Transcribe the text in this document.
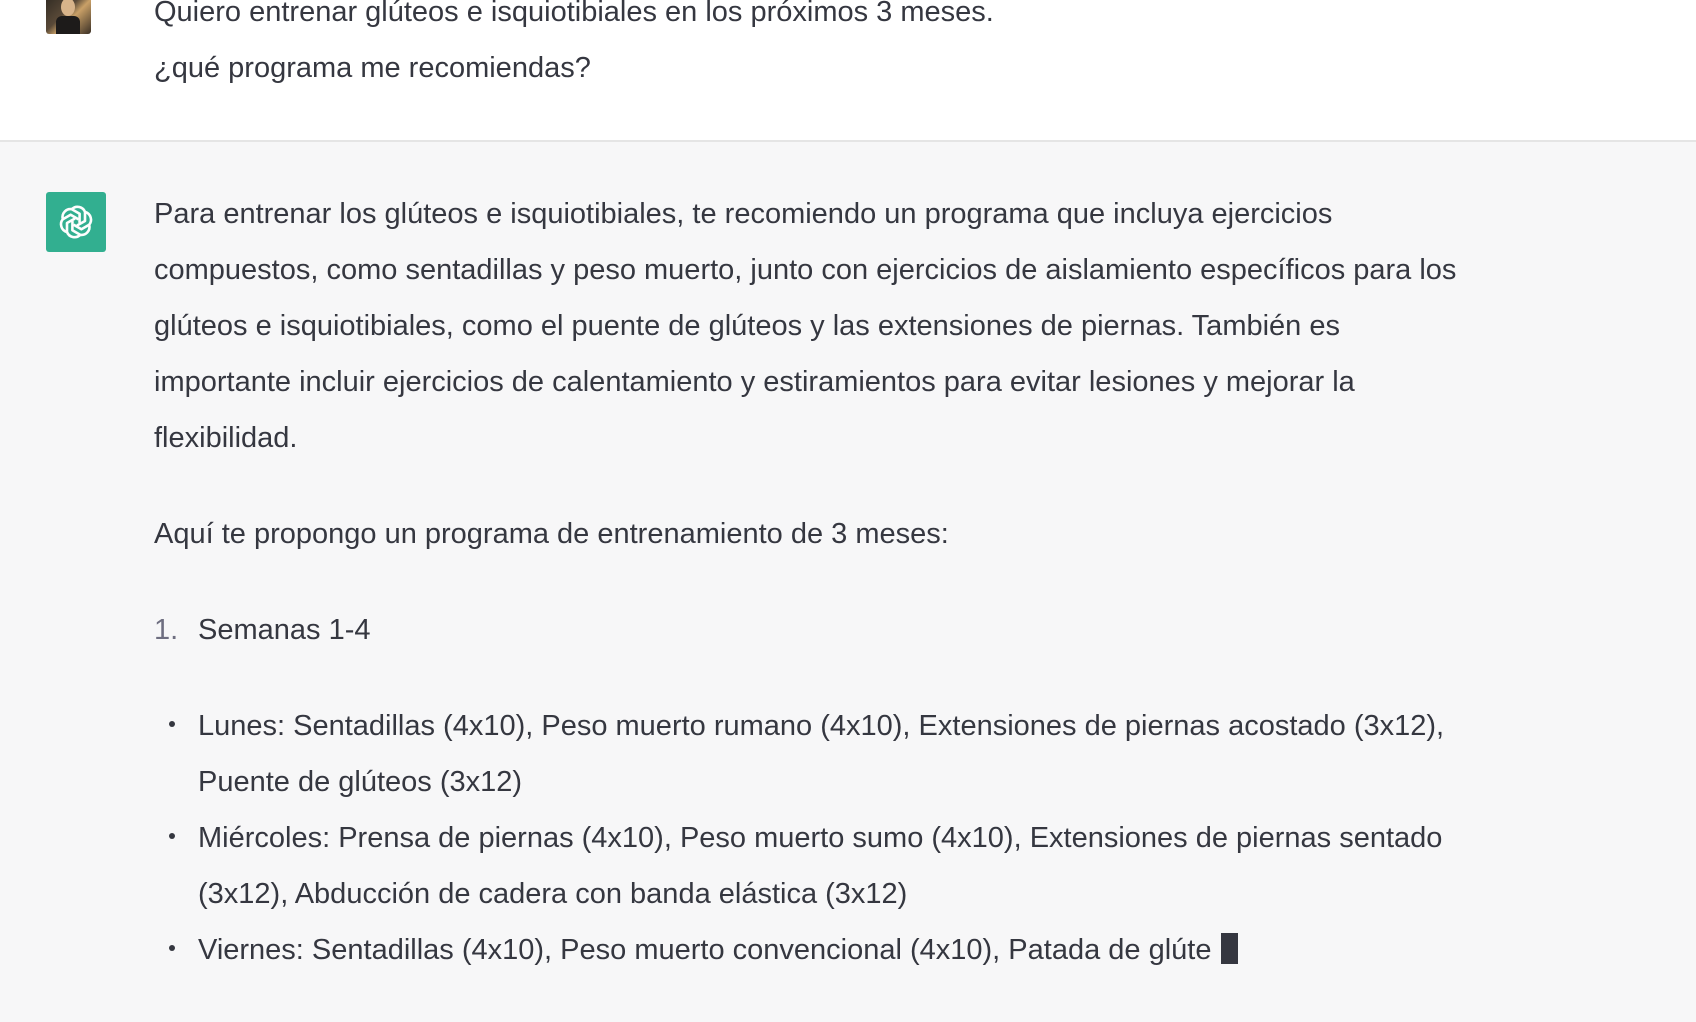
Quiero entrenar glúteos e isquiotibiales en los próximos 3 meses.
¿qué programa me recomiendas?
Para entrenar los glúteos e isquiotibiales, te recomiendo un programa que incluya ejercicios compuestos, como sentadillas y peso muerto, junto con ejercicios de aislamiento específicos para los glúteos e isquiotibiales, como el puente de glúteos y las extensiones de piernas. También es importante incluir ejercicios de calentamiento y estiramientos para evitar lesiones y mejorar la flexibilidad.
Aquí te propongo un programa de entrenamiento de 3 meses:
1. Semanas 1-4
Lunes: Sentadillas (4x10), Peso muerto rumano (4x10), Extensiones de piernas acostado (3x12), Puente de glúteos (3x12)
Miércoles: Prensa de piernas (4x10), Peso muerto sumo (4x10), Extensiones de piernas sentado (3x12), Abducción de cadera con banda elástica (3x12)
Viernes: Sentadillas (4x10), Peso muerto convencional (4x10), Patada de glúte
